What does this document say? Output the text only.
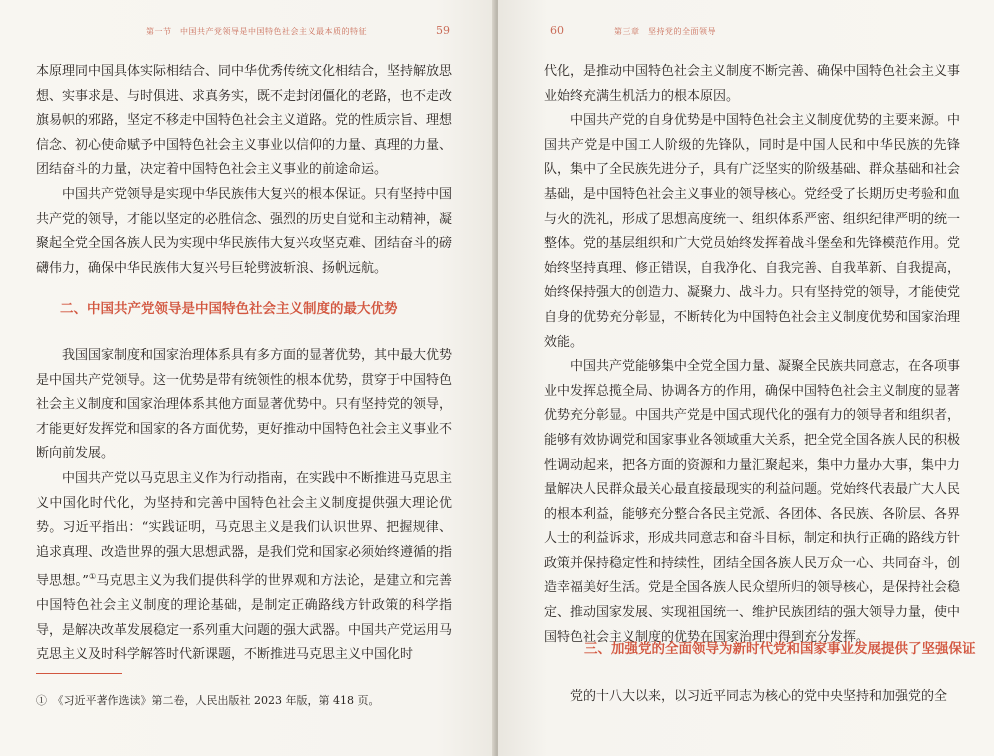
第一节　中国共产党领导是中国特色社会主义最本质的特征	59

本原理同中国具体实际相结合、同中华优秀传统文化相结合，坚持解放思想、实事求是、与时俱进、求真务实，既不走封闭僵化的老路，也不走改旗易帜的邪路，坚定不移走中国特色社会主义道路。党的性质宗旨、理想信念、初心使命赋予中国特色社会主义事业以信仰的力量、真理的力量、团结奋斗的力量，决定着中国特色社会主义事业的前途命运。

中国共产党领导是实现中华民族伟大复兴的根本保证。只有坚持中国共产党的领导，才能以坚定的必胜信念、强烈的历史自觉和主动精神，凝聚起全党全国各族人民为实现中华民族伟大复兴攻坚克难、团结奋斗的磅礴伟力，确保中华民族伟大复兴号巨轮劈波斩浪、扬帆远航。

二、中国共产党领导是中国特色社会主义制度的最大优势

我国国家制度和国家治理体系具有多方面的显著优势，其中最大优势是中国共产党领导。这一优势是带有统领性的根本优势，贯穿于中国特色社会主义制度和国家治理体系其他方面显著优势中。只有坚持党的领导，才能更好发挥党和国家的各方面优势，更好推动中国特色社会主义事业不断向前发展。

中国共产党以马克思主义作为行动指南，在实践中不断推进马克思主义中国化时代化，为坚持和完善中国特色社会主义制度提供强大理论优势。习近平指出：“实践证明，马克思主义是我们认识世界、把握规律、追求真理、改造世界的强大思想武器，是我们党和国家必须始终遵循的指导思想。”①马克思主义为我们提供科学的世界观和方法论，是建立和完善中国特色社会主义制度的理论基础，是制定正确路线方针政策的科学指导，是解决改革发展稳定一系列重大问题的强大武器。中国共产党运用马克思主义及时科学解答时代新课题，不断推进马克思主义中国化时

①　《习近平著作选读》第二卷，人民出版社 2023 年版，第 418 页。
60	第三章　坚持党的全面领导

代化，是推动中国特色社会主义制度不断完善、确保中国特色社会主义事业始终充满生机活力的根本原因。

中国共产党的自身优势是中国特色社会主义制度优势的主要来源。中国共产党是中国工人阶级的先锋队，同时是中国人民和中华民族的先锋队，集中了全民族先进分子，具有广泛坚实的阶级基础、群众基础和社会基础，是中国特色社会主义事业的领导核心。党经受了长期历史考验和血与火的洗礼，形成了思想高度统一、组织体系严密、组织纪律严明的统一整体。党的基层组织和广大党员始终发挥着战斗堡垒和先锋模范作用。党始终坚持真理、修正错误，自我净化、自我完善、自我革新、自我提高，始终保持强大的创造力、凝聚力、战斗力。只有坚持党的领导，才能使党自身的优势充分彰显，不断转化为中国特色社会主义制度优势和国家治理效能。

中国共产党能够集中全党全国力量、凝聚全民族共同意志，在各项事业中发挥总揽全局、协调各方的作用，确保中国特色社会主义制度的显著优势充分彰显。中国共产党是中国式现代化的强有力的领导者和组织者，能够有效协调党和国家事业各领域重大关系，把全党全国各族人民的积极性调动起来，把各方面的资源和力量汇聚起来，集中力量办大事，集中力量解决人民群众最关心最直接最现实的利益问题。党始终代表最广大人民的根本利益，能够充分整合各民主党派、各团体、各民族、各阶层、各界人士的利益诉求，形成共同意志和奋斗目标，制定和执行正确的路线方针政策并保持稳定性和持续性，团结全国各族人民万众一心、共同奋斗，创造幸福美好生活。党是全国各族人民众望所归的领导核心，是保持社会稳定、推动国家发展、实现祖国统一、维护民族团结的强大领导力量，使中国特色社会主义制度的优势在国家治理中得到充分发挥。

三、加强党的全面领导为新时代党和国家事业发展提供了坚强保证

党的十八大以来，以习近平同志为核心的党中央坚持和加强党的全
